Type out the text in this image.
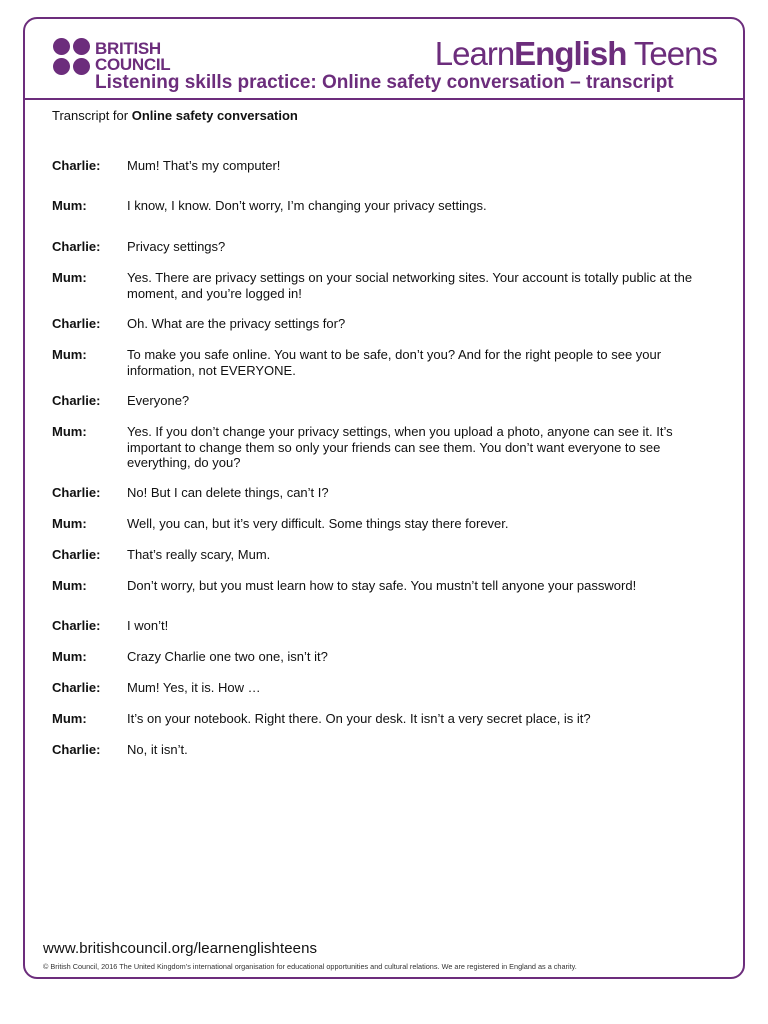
BRITISH
COUNCIL	LearnEnglish Teens
Listening skills practice: Online safety conversation – transcript
Transcript for Online safety conversation
Charlie:	Mum! That’s my computer!
Mum:	I know, I know. Don’t worry, I’m changing your privacy settings.
Charlie:	Privacy settings?
Mum:	Yes. There are privacy settings on your social networking sites. Your account is totally public at the moment, and you’re logged in!
Charlie:	Oh. What are the privacy settings for?
Mum:	To make you safe online. You want to be safe, don’t you? And for the right people to see your information, not EVERYONE.
Charlie:	Everyone?
Mum:	Yes. If you don’t change your privacy settings, when you upload a photo, anyone can see it. It’s important to change them so only your friends can see them. You don’t want everyone to see everything, do you?
Charlie:	No! But I can delete things, can’t I?
Mum:	Well, you can, but it’s very difficult. Some things stay there forever.
Charlie:	That’s really scary, Mum.
Mum:	Don’t worry, but you must learn how to stay safe. You mustn’t tell anyone your password!
Charlie:	I won’t!
Mum:	Crazy Charlie one two one, isn’t it?
Charlie:	Mum! Yes, it is. How …
Mum:	It’s on your notebook. Right there. On your desk. It isn’t a very secret place, is it?
Charlie:	No, it isn’t.
www.britishcouncil.org/learnenglishteens
© British Council, 2016 The United Kingdom’s international organisation for educational opportunities and cultural relations. We are registered in England as a charity.
